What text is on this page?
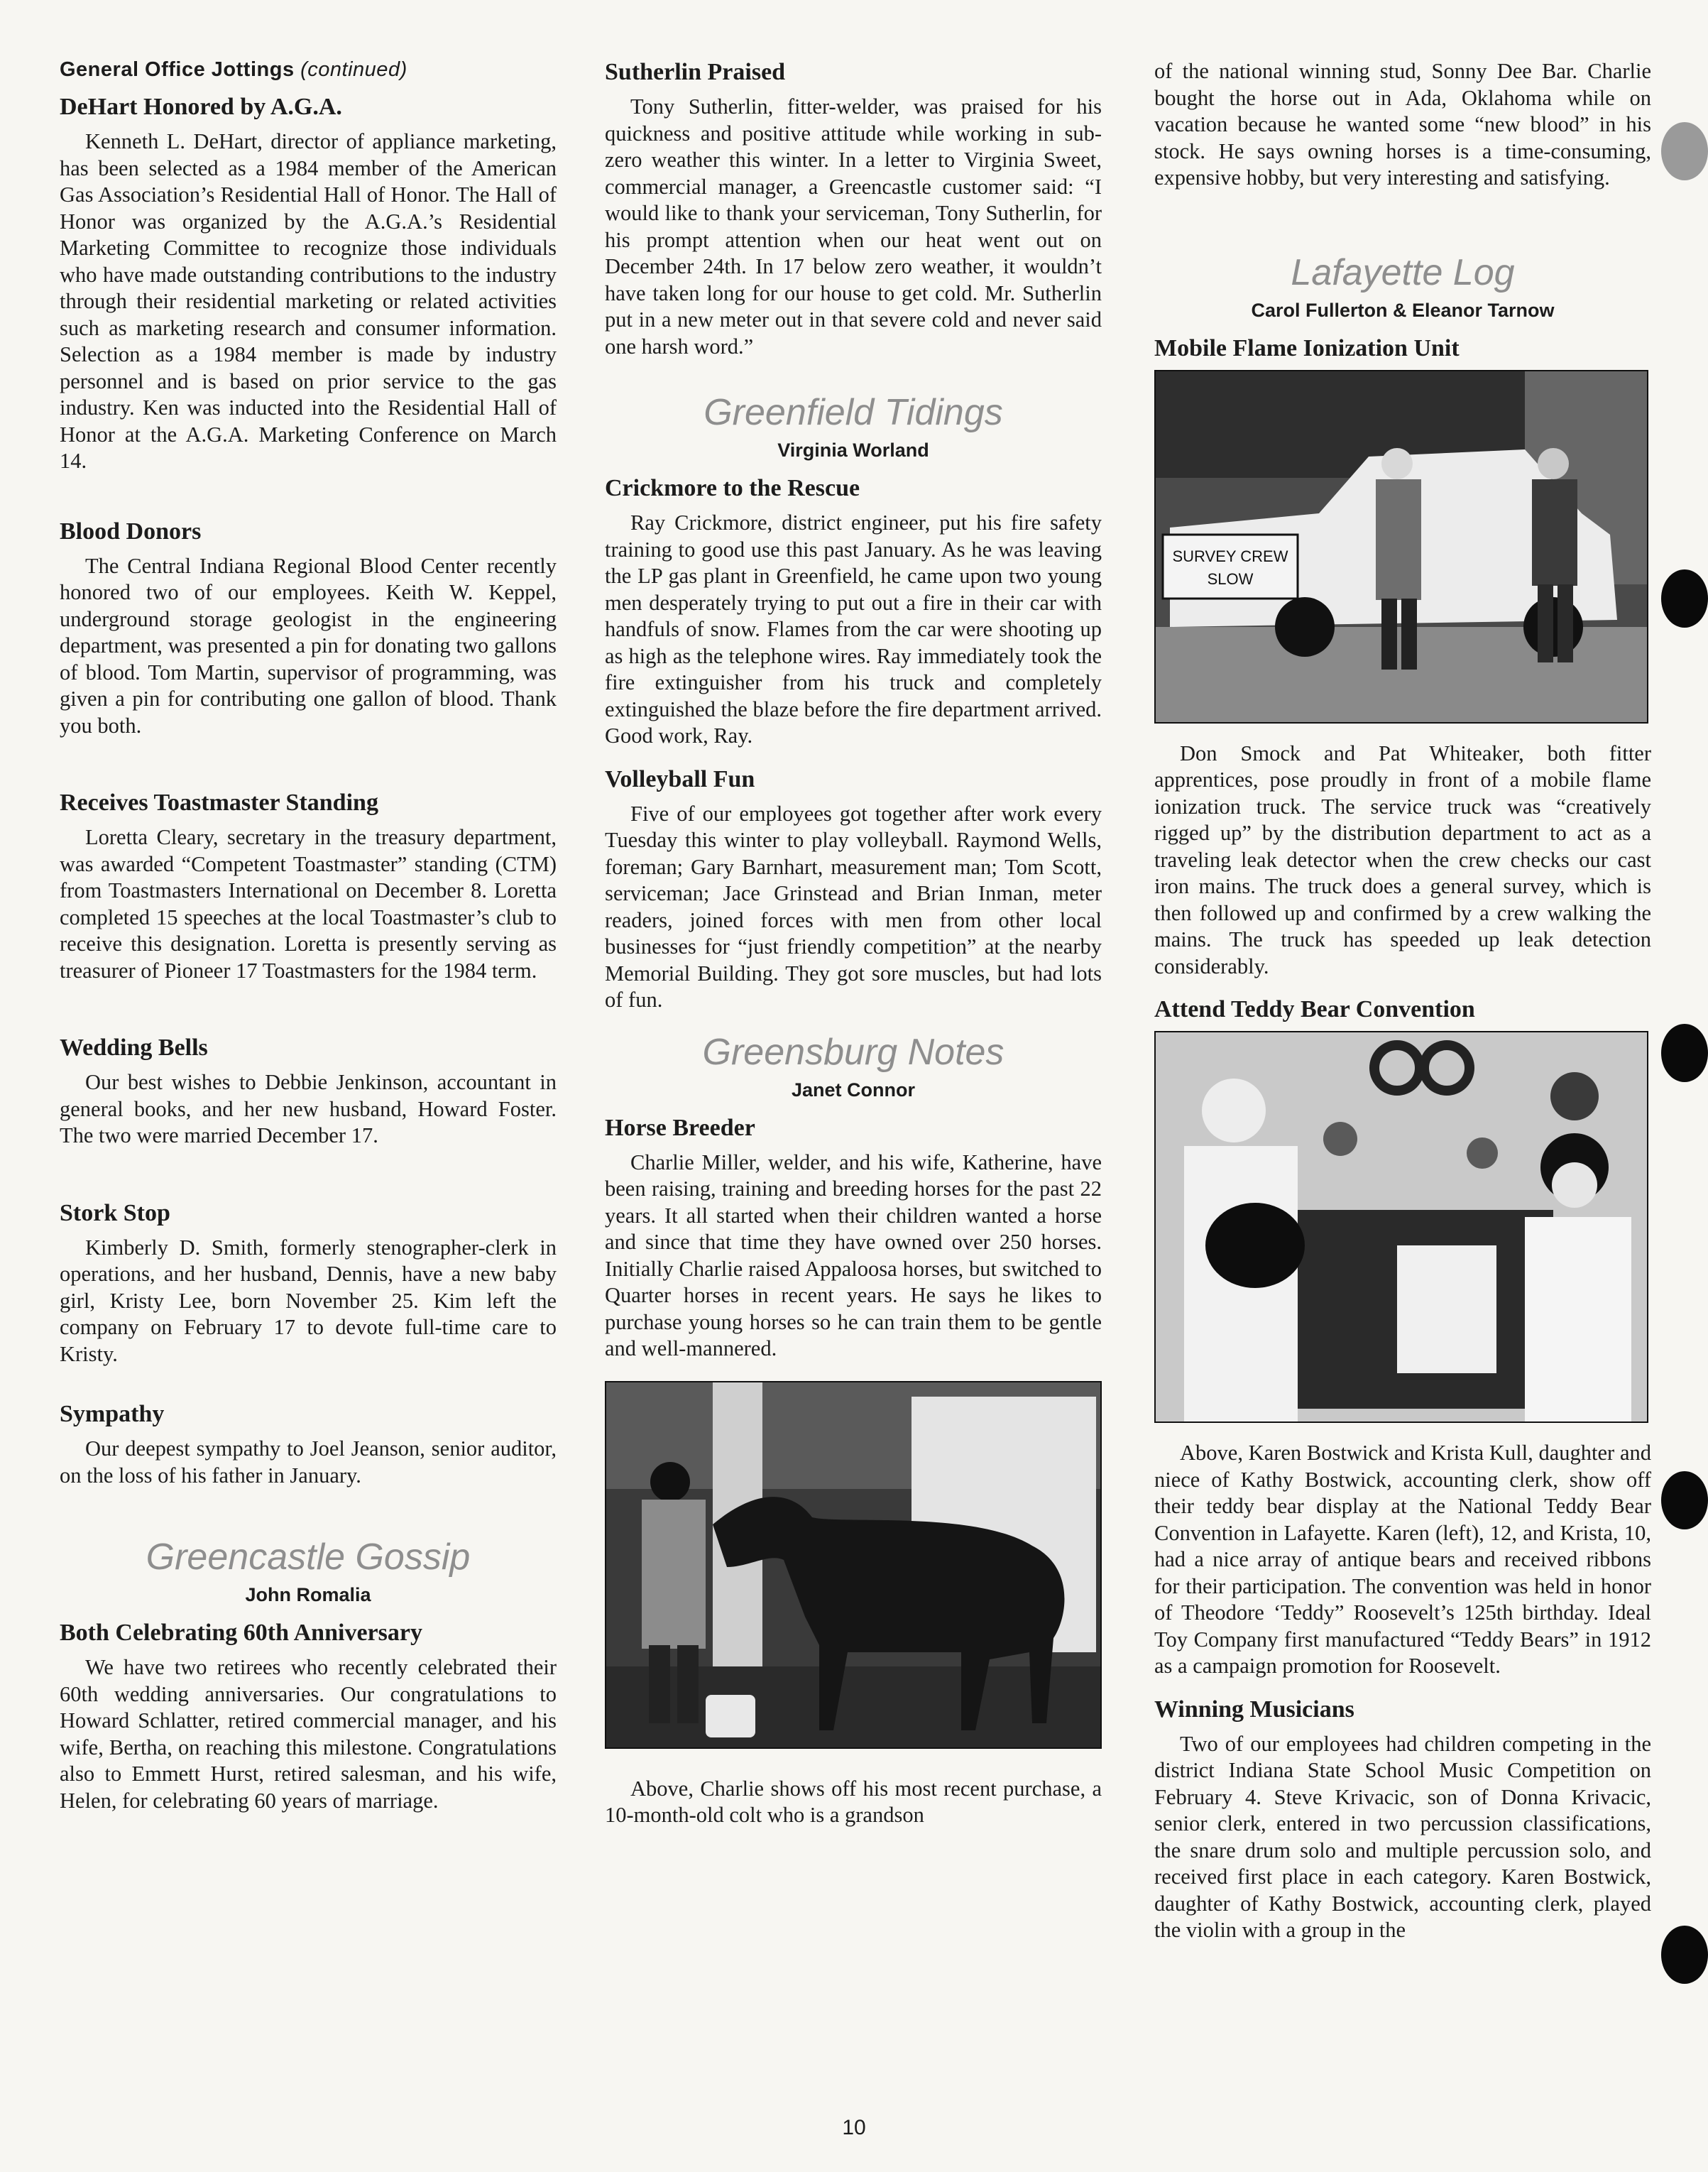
General Office Jottings (continued)

DeHart Honored by A.G.A.

Kenneth L. DeHart, director of appliance marketing, has been selected as a 1984 member of the American Gas Association’s Residential Hall of Honor. The Hall of Honor was organized by the A.G.A.’s Residential Marketing Committee to recognize those individuals who have made outstanding contributions to the industry through their residential marketing or related activities such as marketing research and consumer information. Selection as a 1984 member is made by industry personnel and is based on prior service to the gas industry. Ken was inducted into the Residential Hall of Honor at the A.G.A. Marketing Conference on March 14.

Blood Donors

The Central Indiana Regional Blood Center recently honored two of our employees. Keith W. Keppel, underground storage geologist in the engineering department, was presented a pin for donating two gallons of blood. Tom Martin, supervisor of programming, was given a pin for contributing one gallon of blood. Thank you both.

Receives Toastmaster Standing

Loretta Cleary, secretary in the treasury department, was awarded “Competent Toastmaster” standing (CTM) from Toastmasters International on December 8. Loretta completed 15 speeches at the local Toastmaster’s club to receive this designation. Loretta is presently serving as treasurer of Pioneer 17 Toastmasters for the 1984 term.

Wedding Bells

Our best wishes to Debbie Jenkinson, accountant in general books, and her new husband, Howard Foster. The two were married December 17.

Stork Stop

Kimberly D. Smith, formerly stenographer-clerk in operations, and her husband, Dennis, have a new baby girl, Kristy Lee, born November 25. Kim left the company on February 17 to devote full-time care to Kristy.

Sympathy

Our deepest sympathy to Joel Jeanson, senior auditor, on the loss of his father in January.

Greencastle Gossip

John Romalia

Both Celebrating 60th Anniversary

We have two retirees who recently celebrated their 60th wedding anniversaries. Our congratulations to Howard Schlatter, retired commercial manager, and his wife, Bertha, on reaching this milestone. Congratulations also to Emmett Hurst, retired salesman, and his wife, Helen, for celebrating 60 years of marriage.

Sutherlin Praised

Tony Sutherlin, fitter-welder, was praised for his quickness and positive attitude while working in sub-zero weather this winter. In a letter to Virginia Sweet, commercial manager, a Greencastle customer said: “I would like to thank your serviceman, Tony Sutherlin, for his prompt attention when our heat went out on December 24th. In 17 below zero weather, it wouldn’t have taken long for our house to get cold. Mr. Sutherlin put in a new meter out in that severe cold and never said one harsh word.”

Greenfield Tidings

Virginia Worland

Crickmore to the Rescue

Ray Crickmore, district engineer, put his fire safety training to good use this past January. As he was leaving the LP gas plant in Greenfield, he came upon two young men desperately trying to put out a fire in their car with handfuls of snow. Flames from the car were shooting up as high as the telephone wires. Ray immediately took the fire extinguisher from his truck and completely extinguished the blaze before the fire department arrived. Good work, Ray.

Volleyball Fun

Five of our employees got together after work every Tuesday this winter to play volleyball. Raymond Wells, foreman; Gary Barnhart, measurement man; Tom Scott, serviceman; Jace Grinstead and Brian Inman, meter readers, joined forces with men from other local businesses for “just friendly competition” at the nearby Memorial Building. They got sore muscles, but had lots of fun.

Greensburg Notes

Janet Connor

Horse Breeder

Charlie Miller, welder, and his wife, Katherine, have been raising, training and breeding horses for the past 22 years. It all started when their children wanted a horse and since that time they have owned over 250 horses. Initially Charlie raised Appaloosa horses, but switched to Quarter horses in recent years. He says he likes to purchase young horses so he can train them to be gentle and well-mannered.

Above, Charlie shows off his most recent purchase, a 10-month-old colt who is a grandson

of the national winning stud, Sonny Dee Bar. Charlie bought the horse out in Ada, Oklahoma while on vacation because he wanted some “new blood” in his stock. He says owning horses is a time-consuming, expensive hobby, but very interesting and satisfying.

Lafayette Log

Carol Fullerton & Eleanor Tarnow

Mobile Flame Ionization Unit
SURVEY CREW
SLOW

Don Smock and Pat Whiteaker, both fitter apprentices, pose proudly in front of a mobile flame ionization truck. The service truck was “creatively rigged up” by the distribution department to act as a traveling leak detector when the crew checks our cast iron mains. The truck does a general survey, which is then followed up and confirmed by a crew walking the mains. The truck has speeded up leak detection considerably.

Attend Teddy Bear Convention

Above, Karen Bostwick and Krista Kull, daughter and niece of Kathy Bostwick, accounting clerk, show off their teddy bear display at the National Teddy Bear Convention in Lafayette. Karen (left), 12, and Krista, 10, had a nice array of antique bears and received ribbons for their participation. The convention was held in honor of Theodore ‘Teddy” Roosevelt’s 125th birthday. Ideal Toy Company first manufactured “Teddy Bears” in 1912 as a campaign promotion for Roosevelt.

Winning Musicians

Two of our employees had children competing in the district Indiana State School Music Competition on February 4. Steve Krivacic, son of Donna Krivacic, senior clerk, entered in two percussion classifications, the snare drum solo and multiple percussion solo, and received first place in each category. Karen Bostwick, daughter of Kathy Bostwick, accounting clerk, played the violin with a group in the

10
